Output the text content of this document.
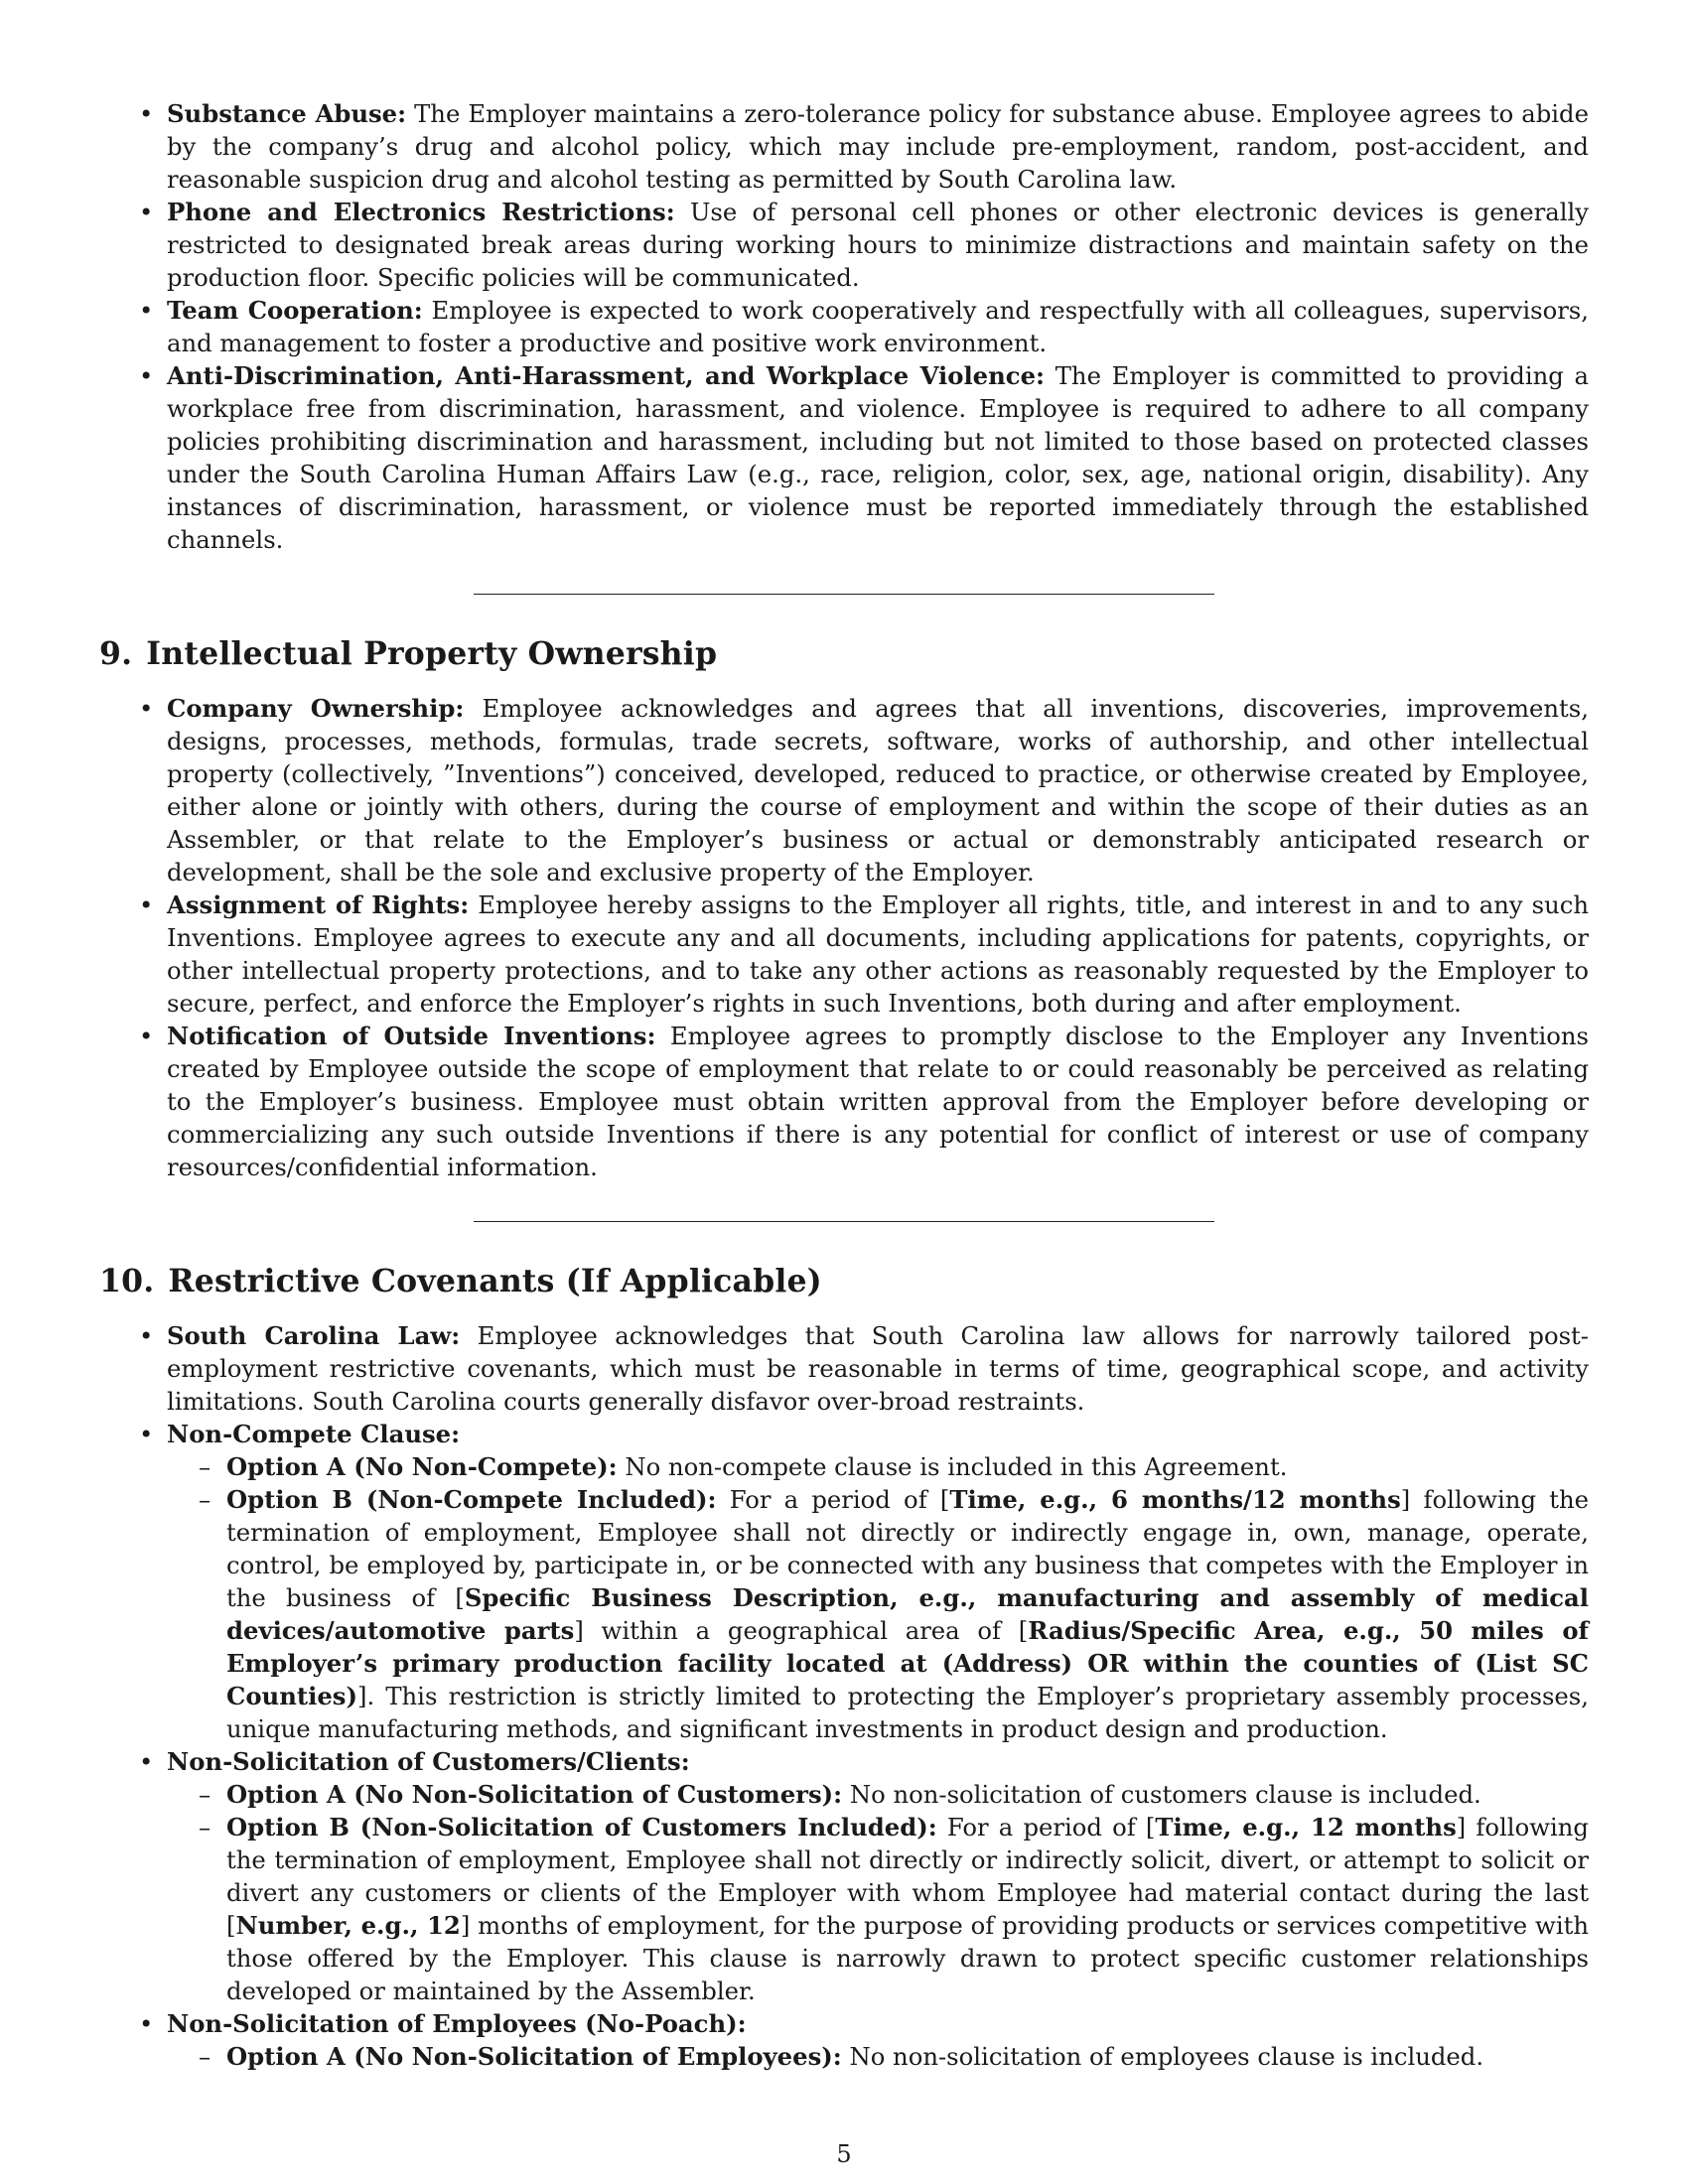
• Substance Abuse: The Employer maintains a zero-tolerance policy for substance abuse. Employee agrees to abide by the company’s drug and alcohol policy, which may include pre-employment, random, post-accident, and reasonable suspicion drug and alcohol testing as permitted by South Carolina law.
• Phone and Electronics Restrictions: Use of personal cell phones or other electronic devices is generally restricted to designated break areas during working hours to minimize distractions and maintain safety on the production floor. Specific policies will be communicated.
• Team Cooperation: Employee is expected to work cooperatively and respectfully with all colleagues, supervisors, and management to foster a productive and positive work environment.
• Anti-Discrimination, Anti-Harassment, and Workplace Violence: The Employer is committed to providing a workplace free from discrimination, harassment, and violence. Employee is required to adhere to all company policies prohibiting discrimination and harassment, including but not limited to those based on protected classes under the South Carolina Human Affairs Law (e.g., race, religion, color, sex, age, national origin, disability). Any instances of discrimination, harassment, or violence must be reported immediately through the established channels.
9. Intellectual Property Ownership
• Company Ownership: Employee acknowledges and agrees that all inventions, discoveries, improvements, designs, processes, methods, formulas, trade secrets, software, works of authorship, and other intellectual property (collectively, ”Inventions”) conceived, developed, reduced to practice, or otherwise created by Employee, either alone or jointly with others, during the course of employment and within the scope of their duties as an Assembler, or that relate to the Employer’s business or actual or demonstrably anticipated research or development, shall be the sole and exclusive property of the Employer.
• Assignment of Rights: Employee hereby assigns to the Employer all rights, title, and interest in and to any such Inventions. Employee agrees to execute any and all documents, including applications for patents, copyrights, or other intellectual property protections, and to take any other actions as reasonably requested by the Employer to secure, perfect, and enforce the Employer’s rights in such Inventions, both during and after employment.
• Notification of Outside Inventions: Employee agrees to promptly disclose to the Employer any Inventions created by Employee outside the scope of employment that relate to or could reasonably be perceived as relating to the Employer’s business. Employee must obtain written approval from the Employer before developing or commercializing any such outside Inventions if there is any potential for conflict of interest or use of company resources/confidential information.
10. Restrictive Covenants (If Applicable)
• South Carolina Law: Employee acknowledges that South Carolina law allows for narrowly tailored post-employment restrictive covenants, which must be reasonable in terms of time, geographical scope, and activity limitations. South Carolina courts generally disfavor over-broad restraints.
• Non-Compete Clause:
– Option A (No Non-Compete): No non-compete clause is included in this Agreement.
– Option B (Non-Compete Included): For a period of [Time, e.g., 6 months/12 months] following the termination of employment, Employee shall not directly or indirectly engage in, own, manage, operate, control, be employed by, participate in, or be connected with any business that competes with the Employer in the business of [Specific Business Description, e.g., manufacturing and assembly of medical devices/automotive parts] within a geographical area of [Radius/Specific Area, e.g., 50 miles of Employer’s primary production facility located at (Address) OR within the counties of (List SC Counties)]. This restriction is strictly limited to protecting the Employer’s proprietary assembly processes, unique manufacturing methods, and significant investments in product design and production.
• Non-Solicitation of Customers/Clients:
– Option A (No Non-Solicitation of Customers): No non-solicitation of customers clause is included.
– Option B (Non-Solicitation of Customers Included): For a period of [Time, e.g., 12 months] following the termination of employment, Employee shall not directly or indirectly solicit, divert, or attempt to solicit or divert any customers or clients of the Employer with whom Employee had material contact during the last [Number, e.g., 12] months of employment, for the purpose of providing products or services competitive with those offered by the Employer. This clause is narrowly drawn to protect specific customer relationships developed or maintained by the Assembler.
• Non-Solicitation of Employees (No-Poach):
– Option A (No Non-Solicitation of Employees): No non-solicitation of employees clause is included.
5
